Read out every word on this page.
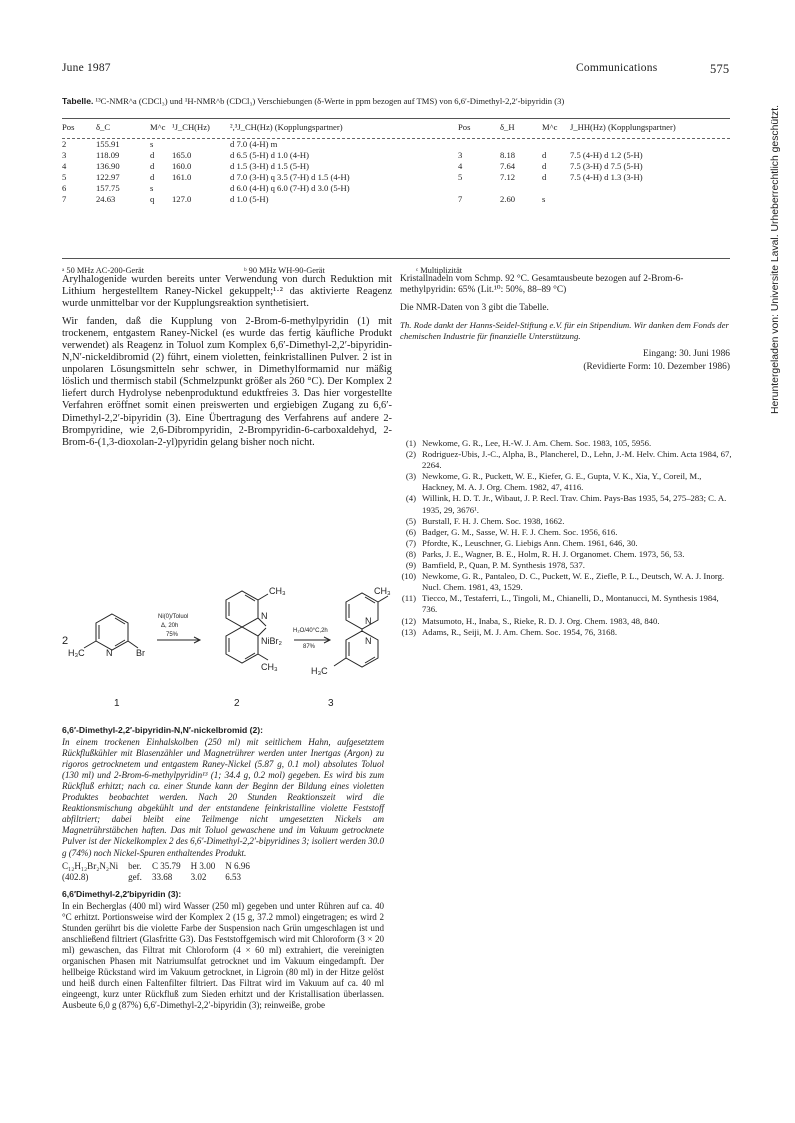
June 1987	Communications	575
Tabelle. ¹³C-NMR^a (CDCl₃) und ¹H-NMR^b (CDCl₃) Verschiebungen (δ-Werte in ppm bezogen auf TMS) von 6,6′-Dimethyl-2,2′-bipyridin (3)
Pos	δ_C	M^c	¹J_CH(Hz)	²,³J_CH(Hz) (Kopplungspartner)	Pos	δ_H	M^c	J_HH(Hz) (Kopplungspartner)
2	155.91	s		d 7.0 (4-H) m				
3	118.09	d	165.0	d 6.5 (5-H) d 1.0 (4-H)	3	8.18	d	7.5 (4-H) d 1.2 (5-H)
4	136.90	d	160.0	d 1.5 (3-H) d 1.5 (5-H)	4	7.64	d	7.5 (3-H) d 7.5 (5-H)
5	122.97	d	161.0	d 7.0 (3-H) q 3.5 (7-H) d 1.5 (4-H)	5	7.12	d	7.5 (4-H) d 1.3 (3-H)
6	157.75	s		d 6.0 (4-H) q 6.0 (7-H) d 3.0 (5-H)				
7	24.63	q	127.0	d 1.0 (5-H)	7	2.60	s	
ᵃ 50 MHz AC-200-Gerät	ᵇ 90 MHz WH-90-Gerät	ᶜ Multiplizität

Arylhalogenide wurden bereits unter Verwendung von durch Reduktion mit Lithium hergestelltem Raney-Nickel gekuppelt;¹·² das aktivierte Reagenz wurde unmittelbar vor der Kupplungsreaktion synthetisiert.

Wir fanden, daß die Kupplung von 2-Brom-6-methylpyridin (1) mit trockenem, entgastem Raney-Nickel (es wurde das fertig käufliche Produkt verwendet) als Reagenz in Toluol zum Komplex 6,6′-Dimethyl-2,2′-bipyridin-N,N′-nickeldibromid (2) führt, einem violetten, feinkristallinen Pulver. 2 ist in unpolaren Lösungsmitteln sehr schwer, in Dimethylformamid nur mäßig löslich und thermisch stabil (Schmelzpunkt größer als 260 °C). Der Komplex 2 liefert durch Hydrolyse nebenproduktund eduktfreies 3. Das hier vorgestellte Verfahren eröffnet somit einen preiswerten und ergiebigen Zugang zu 6,6′-Dimethyl-2,2′-bipyridin (3). Eine Übertragung des Verfahrens auf andere 2-Brompyridine, wie 2,6-Dibrompyridin, 2-Brompyridin-6-carboxaldehyd, 2-Brom-6-(1,3-dioxolan-2-yl)pyridin gelang bisher noch nicht.

Kristallnadeln vom Schmp. 92 °C. Gesamtausbeute bezogen auf 2-Brom-6-methylpyridin: 65% (Lit.¹⁰: 50%, 88–89 °C)
Die NMR-Daten von 3 gibt die Tabelle.
Th. Rode dankt der Hanns-Seidel-Stiftung e.V. für ein Stipendium. Wir danken dem Fonds der chemischen Industrie für finanzielle Unterstützung.
Eingang: 30. Juni 1986
(Revidierte Form: 10. Dezember 1986)
2
H₃C N	Br
Ni(0)/Toluol
Δ, 20h
75%
CH₃
N
NiBr₂
CH₃
H₂O/40°C,2h
87%
CH₃
N
N
H₃C
1	2	3
6,6′-Dimethyl-2,2′-bipyridin-N,N′-nickelbromid (2):

In einem trockenen Einhalskolben (250 ml) mit seitlichem Hahn, aufgesetztem Rückflußkühler mit Blasenzähler und Magnetrührer werden unter Inertgas (Argon) zu rigoros getrocknetem und entgastem Raney-Nickel (5.87 g, 0.1 mol) absolutes Toluol (130 ml) und 2-Brom-6-methylpyridin¹³ (1; 34.4 g, 0.2 mol) gegeben. Es wird bis zum Rückfluß erhitzt; nach ca. einer Stunde kann der Beginn der Bildung eines violetten Produktes beobachtet werden. Nach 20 Stunden Reaktionszeit wird die Reaktionsmischung abgekühlt und der entstandene feinkristalline violette Feststoff abfiltriert; dabei bleibt eine Teilmenge nicht umgesetzten Nickels am Magnetrührstäbchen haften. Das mit Toluol gewaschene und im Vakuum getrocknete Pulver ist der Nickelkomplex 2 des 6,6′-Dimethyl-2,2′-bipyridines 3; isoliert werden 30.0 g (74%) noch Nickel-Spuren enthaltendes Produkt.

C₁₂H₁₂Br₂N₂Ni	ber.	C 35.79	H 3.00	N 6.96
(402.8)	gef.	33.68	3.02	6.53
6,6′Dimethyl-2,2′bipyridin (3):

In ein Becherglas (400 ml) wird Wasser (250 ml) gegeben und unter Rühren auf ca. 40 °C erhitzt. Portionsweise wird der Komplex 2 (15 g, 37.2 mmol) eingetragen; es wird 2 Stunden gerührt bis die violette Farbe der Suspension nach Grün umgeschlagen ist und anschließend filtriert (Glasfritte G3). Das Feststoffgemisch wird mit Chloroform (3 × 20 ml) gewaschen, das Filtrat mit Chloroform (4 × 60 ml) extrahiert, die vereinigten organischen Phasen mit Natriumsulfat getrocknet und im Vakuum eingedampft. Der hellbeige Rückstand wird im Vakuum getrocknet, in Ligroin (80 ml) in der Hitze gelöst und heiß durch einen Faltenfilter filtriert. Das Filtrat wird im Vakuum auf ca. 40 ml eingeengt, kurz unter Rückfluß zum Sieden erhitzt und der Kristallisation überlassen. Ausbeute 6,0 g (87%) 6,6′-Dimethyl-2,2′-bipyridin (3); reinweiße, grobe

(1) Newkome, G. R., Lee, H.-W. J. Am. Chem. Soc. 1983, 105, 5956.
(2) Rodriguez-Ubis, J.-C., Alpha, B., Plancherel, D., Lehn, J.-M. Helv. Chim. Acta 1984, 67, 2264.
(3) Newkome, G. R., Puckett, W. E., Kiefer, G. E., Gupta, V. K., Xia, Y., Coreil, M., Hackney, M. A. J. Org. Chem. 1982, 47, 4116.
(4) Willink, H. D. T. Jr., Wibaut, J. P. Recl. Trav. Chim. Pays-Bas 1935, 54, 275–283; C. A. 1935, 29, 3676¹.
(5) Burstall, F. H. J. Chem. Soc. 1938, 1662.
(6) Badger, G. M., Sasse, W. H. F. J. Chem. Soc. 1956, 616.
(7) Pfordte, K., Leuschner, G. Liebigs Ann. Chem. 1961, 646, 30.
(8) Parks, J. E., Wagner, B. E., Holm, R. H. J. Organomet. Chem. 1973, 56, 53.
(9) Bamfield, P., Quan, P. M. Synthesis 1978, 537.
(10) Newkome, G. R., Pantaleo, D. C., Puckett, W. E., Ziefle, P. L., Deutsch, W. A. J. Inorg. Nucl. Chem. 1981, 43, 1529.
(11) Tiecco, M., Testaferri, L., Tingoli, M., Chianelli, D., Montanucci, M. Synthesis 1984, 736.
(12) Matsumoto, H., Inaba, S., Rieke, R. D. J. Org. Chem. 1983, 48, 840.
(13) Adams, R., Seiji, M. J. Am. Chem. Soc. 1954, 76, 3168.
Heruntergeladen von: Universite Laval. Urheberrechtlich geschützt.
